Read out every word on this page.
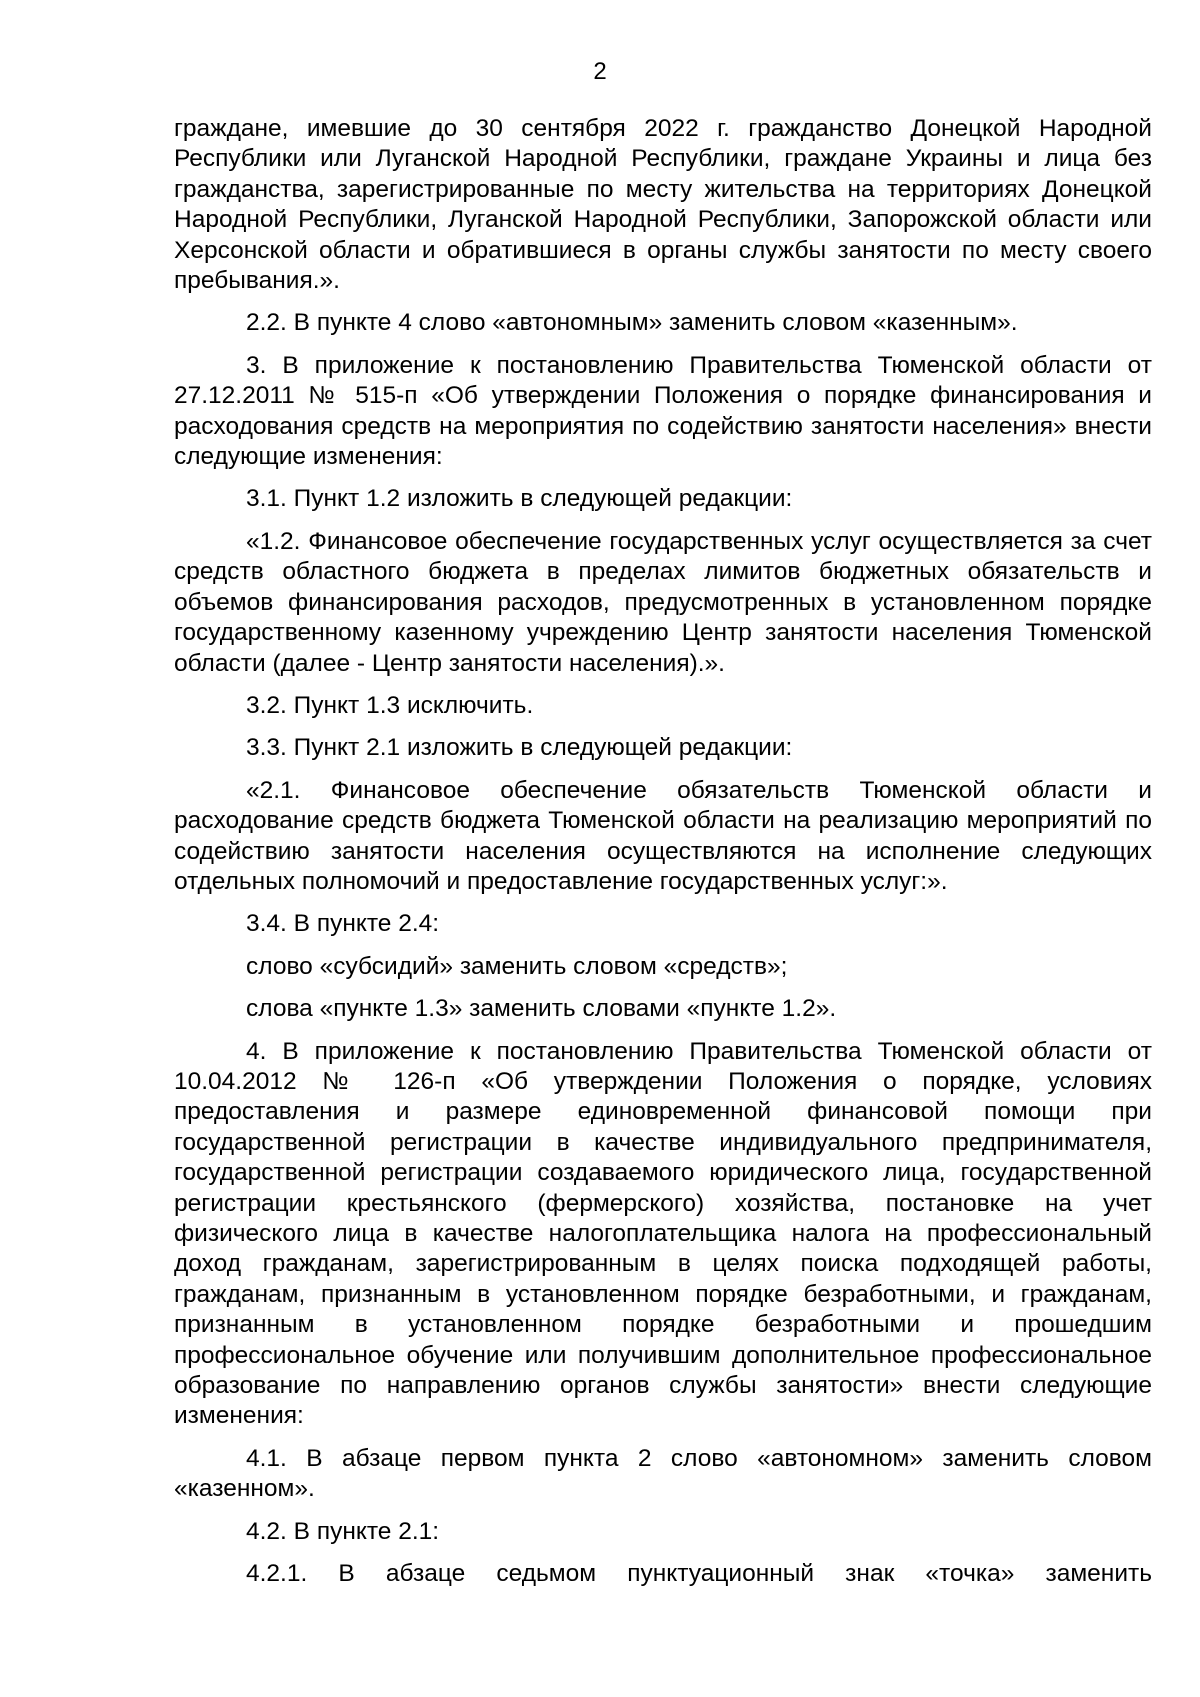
2

граждане, имевшие до 30 сентября 2022 г. гражданство Донецкой Народной Республики или Луганской Народной Республики, граждане Украины и лица без гражданства, зарегистрированные по месту жительства на территориях Донецкой Народной Республики, Луганской Народной Республики, Запорожской области или Херсонской области и обратившиеся в органы службы занятости по месту своего пребывания.».

2.2. В пункте 4 слово «автономным» заменить словом «казенным».

3. В приложение к постановлению Правительства Тюменской области от 27.12.2011 № 515-п «Об утверждении Положения о порядке финансирования и расходования средств на мероприятия по содействию занятости населения» внести следующие изменения:

3.1. Пункт 1.2 изложить в следующей редакции:

«1.2. Финансовое обеспечение государственных услуг осуществляется за счет средств областного бюджета в пределах лимитов бюджетных обязательств и объемов финансирования расходов, предусмотренных в установленном порядке государственному казенному учреждению Центр занятости населения Тюменской области (далее - Центр занятости населения).».

3.2. Пункт 1.3 исключить.

3.3. Пункт 2.1 изложить в следующей редакции:

«2.1. Финансовое обеспечение обязательств Тюменской области и расходование средств бюджета Тюменской области на реализацию мероприятий по содействию занятости населения осуществляются на исполнение следующих отдельных полномочий и предоставление государственных услуг:».

3.4. В пункте 2.4:

слово «субсидий» заменить словом «средств»;

слова «пункте 1.3» заменить словами «пункте 1.2».

4. В приложение к постановлению Правительства Тюменской области от 10.04.2012 № 126-п «Об утверждении Положения о порядке, условиях предоставления и размере единовременной финансовой помощи при государственной регистрации в качестве индивидуального предпринимателя, государственной регистрации создаваемого юридического лица, государственной регистрации крестьянского (фермерского) хозяйства, постановке на учет физического лица в качестве налогоплательщика налога на профессиональный доход гражданам, зарегистрированным в целях поиска подходящей работы, гражданам, признанным в установленном порядке безработными, и гражданам, признанным в установленном порядке безработными и прошедшим профессиональное обучение или получившим дополнительное профессиональное образование по направлению органов службы занятости» внести следующие изменения:

4.1. В абзаце первом пункта 2 слово «автономном» заменить словом «казенном».

4.2. В пункте 2.1:

4.2.1. В абзаце седьмом пунктуационный знак «точка» заменить
